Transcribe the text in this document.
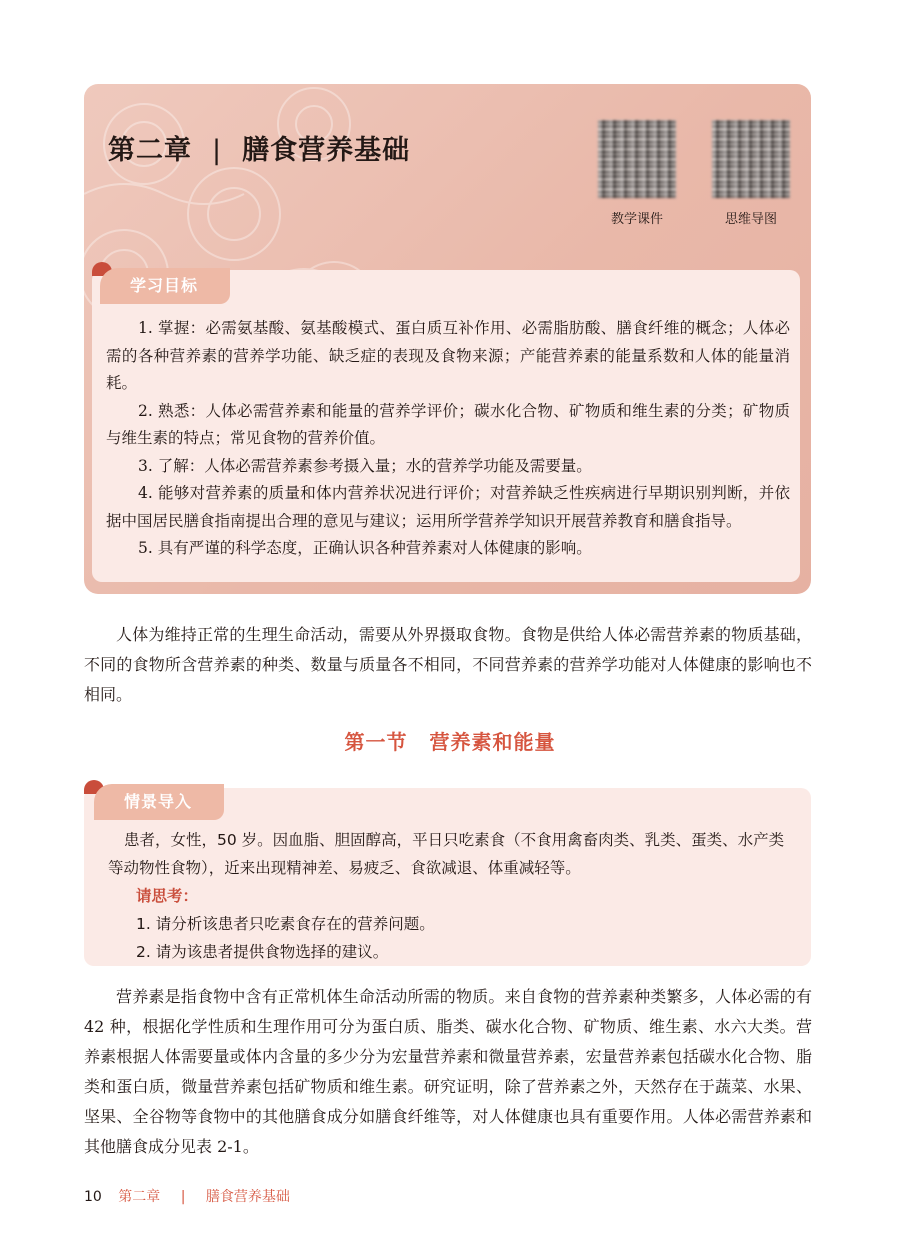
第二章 | 膳食营养基础
教学课件	思维导图
学习目标

1. 掌握：必需氨基酸、氨基酸模式、蛋白质互补作用、必需脂肪酸、膳食纤维的概念；人体必需的各种营养素的营养学功能、缺乏症的表现及食物来源；产能营养素的能量系数和人体的能量消耗。

2. 熟悉：人体必需营养素和能量的营养学评价；碳水化合物、矿物质和维生素的分类；矿物质与维生素的特点；常见食物的营养价值。

3. 了解：人体必需营养素参考摄入量；水的营养学功能及需要量。

4. 能够对营养素的质量和体内营养状况进行评价；对营养缺乏性疾病进行早期识别判断，并依据中国居民膳食指南提出合理的意见与建议；运用所学营养学知识开展营养教育和膳食指导。

5. 具有严谨的科学态度，正确认识各种营养素对人体健康的影响。

人体为维持正常的生理生命活动，需要从外界摄取食物。食物是供给人体必需营养素的物质基础，不同的食物所含营养素的种类、数量与质量各不相同，不同营养素的营养学功能对人体健康的影响也不相同。

第一节 营养素和能量
情景导入

患者，女性，50 岁。因血脂、胆固醇高，平日只吃素食（不食用禽畜肉类、乳类、蛋类、水产类等动物性食物），近来出现精神差、易疲乏、食欲减退、体重减轻等。

请思考：

1. 请分析该患者只吃素食存在的营养问题。

2. 请为该患者提供食物选择的建议。

营养素是指食物中含有正常机体生命活动所需的物质。来自食物的营养素种类繁多，人体必需的有 42 种，根据化学性质和生理作用可分为蛋白质、脂类、碳水化合物、矿物质、维生素、水六大类。营养素根据人体需要量或体内含量的多少分为宏量营养素和微量营养素，宏量营养素包括碳水化合物、脂类和蛋白质，微量营养素包括矿物质和维生素。研究证明，除了营养素之外，天然存在于蔬菜、水果、坚果、全谷物等食物中的其他膳食成分如膳食纤维等，对人体健康也具有重要作用。人体必需营养素和其他膳食成分见表 2-1。

10 第二章 | 膳食营养基础
